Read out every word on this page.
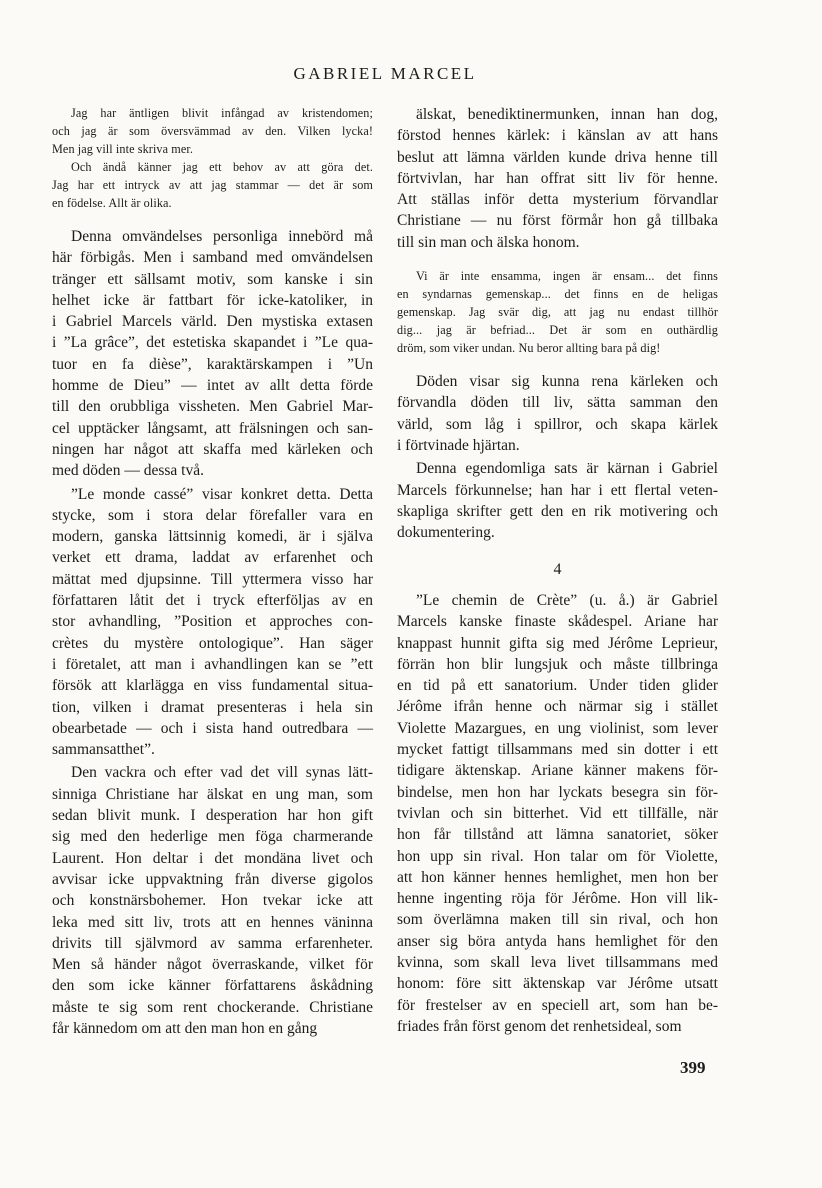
GABRIEL MARCEL
Jag har äntligen blivit infångad av kristendomen;
och jag är som översvämmad av den. Vilken lycka!
Men jag vill inte skriva mer.
Och ändå känner jag ett behov av att göra det.
Jag har ett intryck av att jag stammar — det är som
en födelse. Allt är olika.
Denna omvändelses personliga innebörd må
här förbigås. Men i samband med omvändelsen
tränger ett sällsamt motiv, som kanske i sin
helhet icke är fattbart för icke-katoliker, in
i Gabriel Marcels värld. Den mystiska extasen
i ”La grâce”, det estetiska skapandet i ”Le qua-
tuor en fa dièse”, karaktärskampen i ”Un
homme de Dieu” — intet av allt detta förde
till den orubbliga vissheten. Men Gabriel Mar-
cel upptäcker långsamt, att frälsningen och san-
ningen har något att skaffa med kärleken och
med döden — dessa två.
”Le monde cassé” visar konkret detta. Detta
stycke, som i stora delar förefaller vara en
modern, ganska lättsinnig komedi, är i själva
verket ett drama, laddat av erfarenhet och
mättat med djupsinne. Till yttermera visso har
författaren låtit det i tryck efterföljas av en
stor avhandling, ”Position et approches con-
crètes du mystère ontologique”. Han säger
i företalet, att man i avhandlingen kan se ”ett
försök att klarlägga en viss fundamental situa-
tion, vilken i dramat presenteras i hela sin
obearbetade — och i sista hand outredbara —
sammansatthet”.
Den vackra och efter vad det vill synas lätt-
sinniga Christiane har älskat en ung man, som
sedan blivit munk. I desperation har hon gift
sig med den hederlige men föga charmerande
Laurent. Hon deltar i det mondäna livet och
avvisar icke uppvaktning från diverse gigolos
och konstnärsbohemer. Hon tvekar icke att
leka med sitt liv, trots att en hennes väninna
drivits till självmord av samma erfarenheter.
Men så händer något överraskande, vilket för
den som icke känner författarens åskådning
måste te sig som rent chockerande. Christiane
får kännedom om att den man hon en gång
älskat, benediktinermunken, innan han dog,
förstod hennes kärlek: i känslan av att hans
beslut att lämna världen kunde driva henne till
förtvivlan, har han offrat sitt liv för henne.
Att ställas inför detta mysterium förvandlar
Christiane — nu först förmår hon gå tillbaka
till sin man och älska honom.
Vi är inte ensamma, ingen är ensam... det finns
en syndarnas gemenskap... det finns en de heligas
gemenskap. Jag svär dig, att jag nu endast tillhör
dig... jag är befriad... Det är som en outhärdlig
dröm, som viker undan. Nu beror allting bara på dig!
Döden visar sig kunna rena kärleken och
förvandla döden till liv, sätta samman den
värld, som låg i spillror, och skapa kärlek
i förtvinade hjärtan.
Denna egendomliga sats är kärnan i Gabriel
Marcels förkunnelse; han har i ett flertal veten-
skapliga skrifter gett den en rik motivering och
dokumentering.
4
”Le chemin de Crète” (u. å.) är Gabriel
Marcels kanske finaste skådespel. Ariane har
knappast hunnit gifta sig med Jérôme Leprieur,
förrän hon blir lungsjuk och måste tillbringa
en tid på ett sanatorium. Under tiden glider
Jérôme ifrån henne och närmar sig i stället
Violette Mazargues, en ung violinist, som lever
mycket fattigt tillsammans med sin dotter i ett
tidigare äktenskap. Ariane känner makens för-
bindelse, men hon har lyckats besegra sin för-
tvivlan och sin bitterhet. Vid ett tillfälle, när
hon får tillstånd att lämna sanatoriet, söker
hon upp sin rival. Hon talar om för Violette,
att hon känner hennes hemlighet, men hon ber
henne ingenting röja för Jérôme. Hon vill lik-
som överlämna maken till sin rival, och hon
anser sig böra antyda hans hemlighet för den
kvinna, som skall leva livet tillsammans med
honom: före sitt äktenskap var Jérôme utsatt
för frestelser av en speciell art, som han be-
friades från först genom det renhetsideal, som
399
